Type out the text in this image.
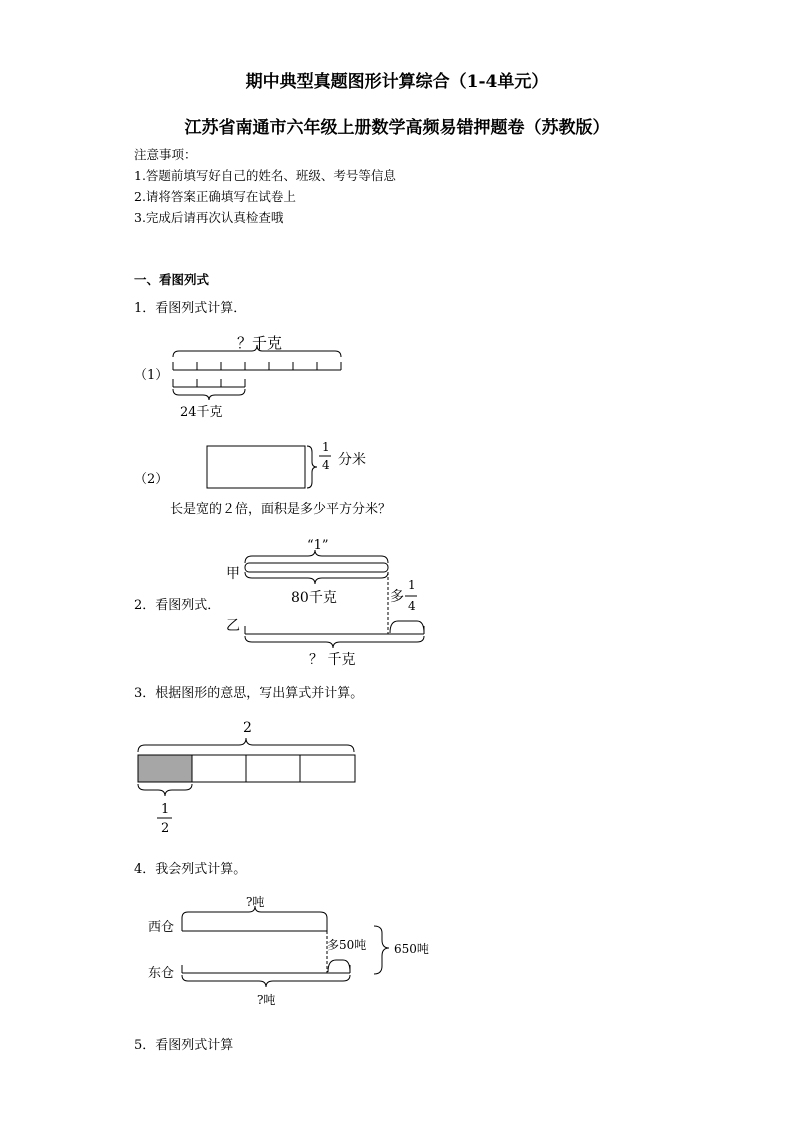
期中典型真题图形计算综合（1-4单元）
江苏省南通市六年级上册数学高频易错押题卷（苏教版）
注意事项：
1.答题前填写好自己的姓名、班级、考号等信息
2.请将答案正确填写在试卷上
3.完成后请再次认真检查哦
一、看图列式
1．看图列式计算．
（1）
（2）
长是宽的２倍，面积是多少平方分米？
2．看图列式．
3．根据图形的意思，写出算式并计算。
4．我会列式计算。
5．看图列式计算
？千克
24千克
1
4 分米
“1”
甲
80千克	多
1
4
乙
？ 千克
2
1
2
?吨
西仓
多50吨
东仓
650吨
?吨
